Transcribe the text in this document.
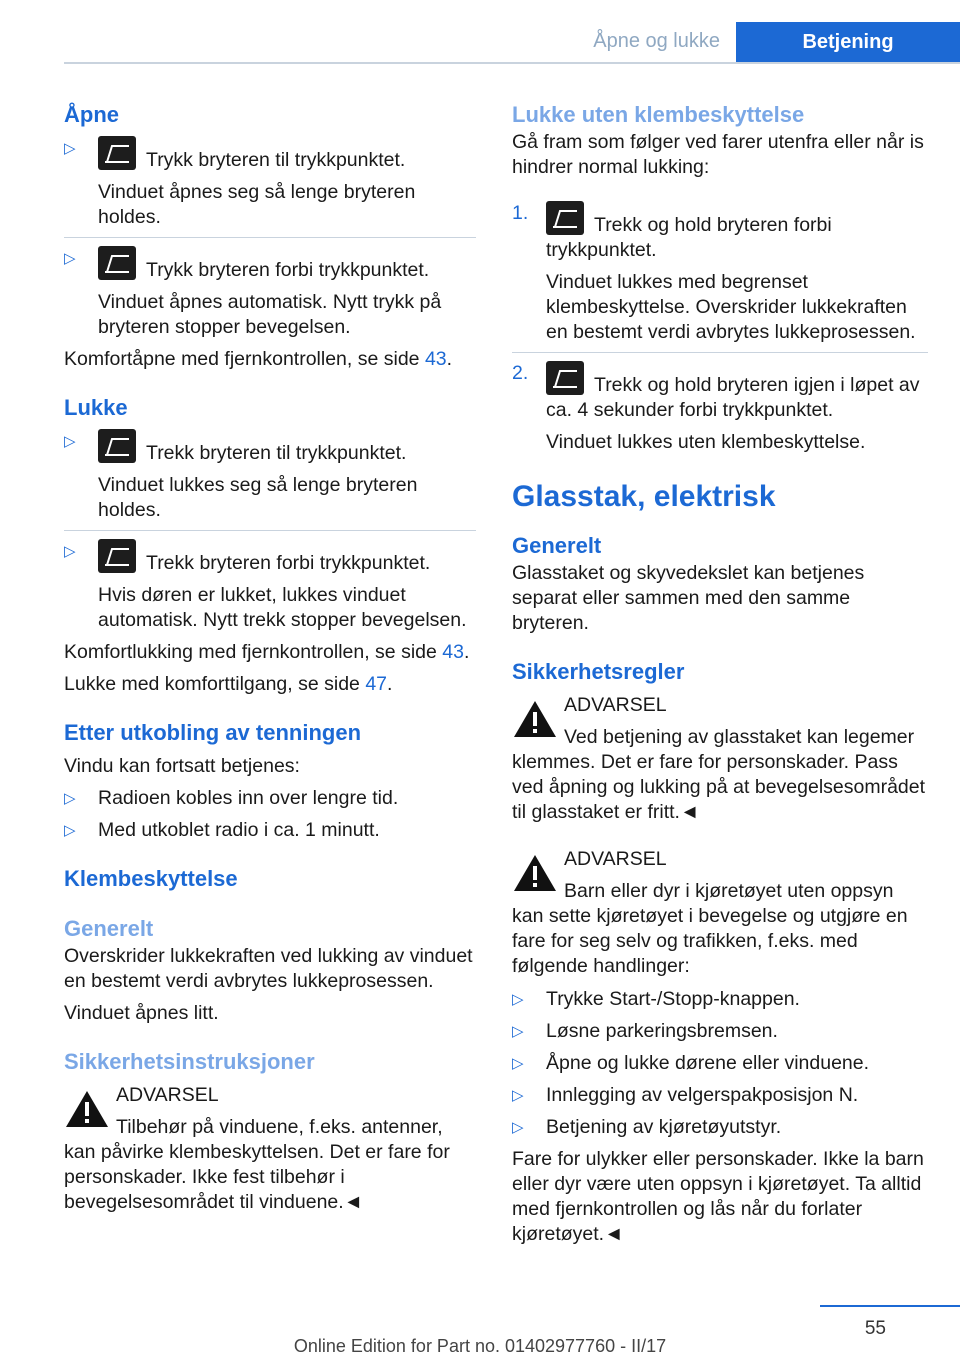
Åpne og lukke	Betjening
Åpne
▷
Trykk bryteren til trykkpunktet.
Vinduet åpnes seg så lenge bryteren holdes.
▷
Trykk bryteren forbi trykkpunktet.
Vinduet åpnes automatisk. Nytt trykk på bryteren stopper bevegelsen.

Komfortåpne med fjernkontrollen, se side 43.

Lukke
▷
Trekk bryteren til trykkpunktet.
Vinduet lukkes seg så lenge bryteren holdes.
▷
Trekk bryteren forbi trykkpunktet.
Hvis døren er lukket, lukkes vinduet automatisk. Nytt trekk stopper bevegelsen.

Komfortlukking med fjernkontrollen, se side 43.

Lukke med komforttilgang, se side 47.

Etter utkobling av tenningen

Vindu kan fortsatt betjenes:

▷ Radioen kobles inn over lengre tid.
▷ Med utkoblet radio i ca. 1 minutt.
Klembeskyttelse
Generelt

Overskrider lukkekraften ved lukking av vinduet en bestemt verdi avbrytes lukkeprosessen.

Vinduet åpnes litt.

Sikkerhetsinstruksjoner
ADVARSEL
Tilbehør på vinduene, f.eks. antenner,
kan påvirke klembeskyttelsen. Det er fare for personskader. Ikke fest tilbehør i bevegelsesområdet til vinduene.◄
Lukke uten klembeskyttelse

Gå fram som følger ved farer utenfra eller når is hindrer normal lukking:

1.
Trekk og hold bryteren forbi trykkpunktet.
Vinduet lukkes med begrenset klembeskyttelse. Overskrider lukkekraften en bestemt verdi avbrytes lukkeprosessen.
2.
Trekk og hold bryteren igjen i løpet av ca. 4 sekunder forbi trykkpunktet.
Vinduet lukkes uten klembeskyttelse.
Glasstak, elektrisk
Generelt

Glasstaket og skyvedekslet kan betjenes separat eller sammen med den samme bryteren.

Sikkerhetsregler
ADVARSEL
Ved betjening av glasstaket kan legemer
klemmes. Det er fare for personskader. Pass ved åpning og lukking på at bevegelsesområdet til glasstaket er fritt.◄
ADVARSEL
Barn eller dyr i kjøretøyet uten oppsyn
kan sette kjøretøyet i bevegelse og utgjøre en fare for seg selv og trafikken, f.eks. med følgende handlinger:
▷ Trykke Start-/Stopp-knappen.
▷ Løsne parkeringsbremsen.
▷ Åpne og lukke dørene eller vinduene.
▷ Innlegging av velgerspakposisjon N.
▷ Betjening av kjøretøyutstyr.

Fare for ulykker eller personskader. Ikke la barn eller dyr være uten oppsyn i kjøretøyet. Ta alltid med fjernkontrollen og lås når du forlater kjøretøyet.◄

55
Online Edition for Part no. 01402977760 - II/17
